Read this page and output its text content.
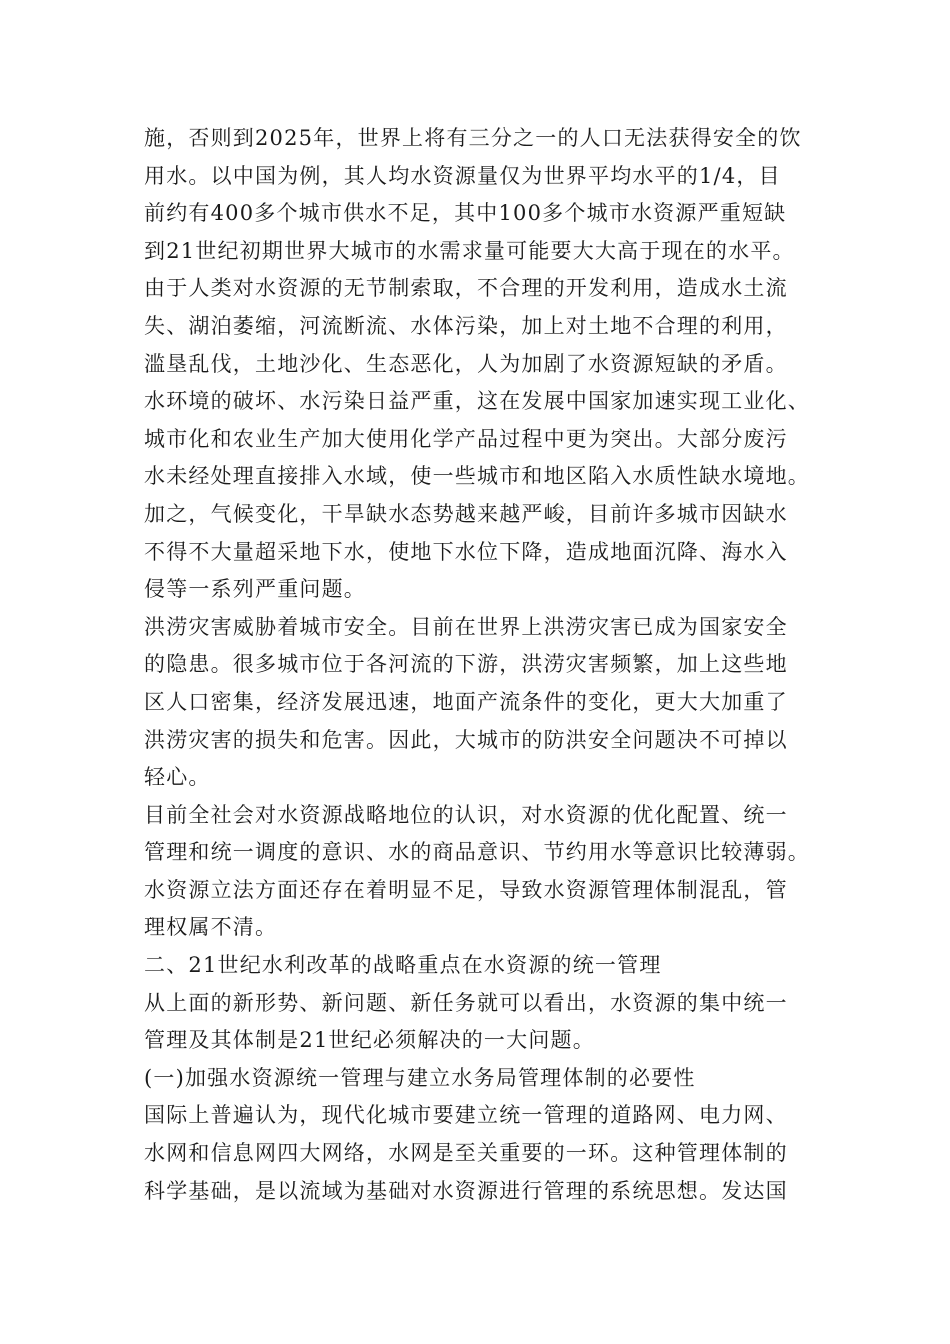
施，否则到2025年，世界上将有三分之一的人口无法获得安全的饮
用水。以中国为例，其人均水资源量仅为世界平均水平的1/4，目
前约有400多个城市供水不足，其中100多个城市水资源严重短缺
到21世纪初期世界大城市的水需求量可能要大大高于现在的水平。
由于人类对水资源的无节制索取，不合理的开发利用，造成水土流
失、湖泊萎缩，河流断流、水体污染，加上对土地不合理的利用，
滥垦乱伐，土地沙化、生态恶化，人为加剧了水资源短缺的矛盾。
水环境的破坏、水污染日益严重，这在发展中国家加速实现工业化、
城市化和农业生产加大使用化学产品过程中更为突出。大部分废污
水未经处理直接排入水域，使一些城市和地区陷入水质性缺水境地。
加之，气候变化，干旱缺水态势越来越严峻，目前许多城市因缺水
不得不大量超采地下水，使地下水位下降，造成地面沉降、海水入
侵等一系列严重问题。
洪涝灾害威胁着城市安全。目前在世界上洪涝灾害已成为国家安全
的隐患。很多城市位于各河流的下游，洪涝灾害频繁，加上这些地
区人口密集，经济发展迅速，地面产流条件的变化，更大大加重了
洪涝灾害的损失和危害。因此，大城市的防洪安全问题决不可掉以
轻心。
目前全社会对水资源战略地位的认识，对水资源的优化配置、统一
管理和统一调度的意识、水的商品意识、节约用水等意识比较薄弱。
水资源立法方面还存在着明显不足，导致水资源管理体制混乱，管
理权属不清。
二、21世纪水利改革的战略重点在水资源的统一管理
从上面的新形势、新问题、新任务就可以看出，水资源的集中统一
管理及其体制是21世纪必须解决的一大问题。
(一)加强水资源统一管理与建立水务局管理体制的必要性
国际上普遍认为，现代化城市要建立统一管理的道路网、电力网、
水网和信息网四大网络，水网是至关重要的一环。这种管理体制的
科学基础，是以流域为基础对水资源进行管理的系统思想。发达国
